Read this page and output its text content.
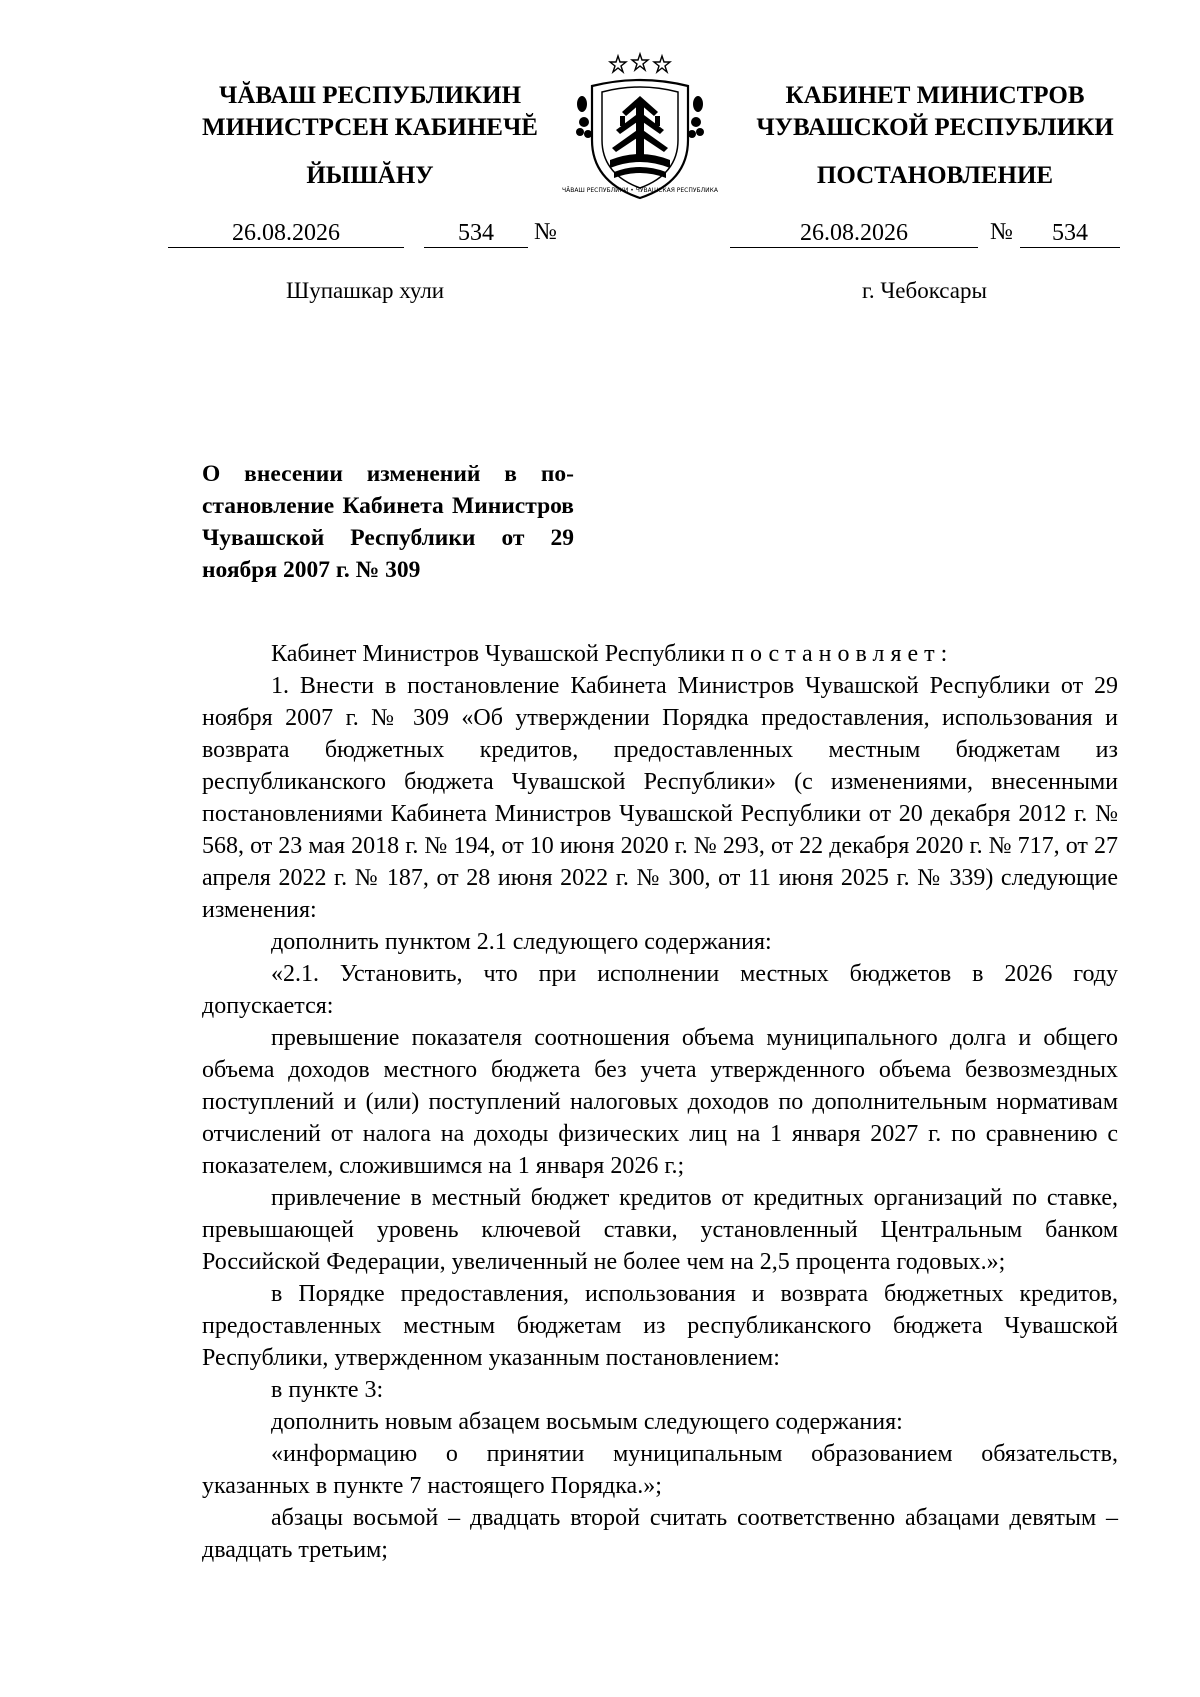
ЧĂВАШ РЕСПУБЛИКИН
МИНИСТРСЕН КАБИНЕЧĔ
ЙЫШĂНУ
КАБИНЕТ МИНИСТРОВ
ЧУВАШСКОЙ РЕСПУБЛИКИ
ПОСТАНОВЛЕНИЕ
ЧĂВАШ РЕСПУБЛИКИ • ЧУВАШСКАЯ РЕСПУБЛИКА
26.08.2026	534	№	26.08.2026	№	534
Шупашкар хули	г. Чебоксары
О внесении изменений в постановление Кабинета Министров Чувашской Республики от 29 ноября 2007 г. № 309

Кабинет Министров Чувашской Республики постановляет:

1. Внести в постановление Кабинета Министров Чувашской Республики от 29 ноября 2007 г. № 309 «Об утверждении Порядка предоставления, использования и возврата бюджетных кредитов, предоставленных местным бюджетам из республиканского бюджета Чувашской Республики» (с изменениями, внесенными постановлениями Кабинета Министров Чувашской Республики от 20 декабря 2012 г. № 568, от 23 мая 2018 г. № 194, от 10 июня 2020 г. № 293, от 22 декабря 2020 г. № 717, от 27 апреля 2022 г. № 187, от 28 июня 2022 г. № 300, от 11 июня 2025 г. № 339) следующие изменения:

дополнить пунктом 2.1 следующего содержания:

«2.1. Установить, что при исполнении местных бюджетов в 2026 году допускается:

превышение показателя соотношения объема муниципального долга и общего объема доходов местного бюджета без учета утвержденного объема безвозмездных поступлений и (или) поступлений налоговых доходов по дополнительным нормативам отчислений от налога на доходы физических лиц на 1 января 2027 г. по сравнению с показателем, сложившимся на 1 января 2026 г.;

привлечение в местный бюджет кредитов от кредитных организаций по ставке, превышающей уровень ключевой ставки, установленный Центральным банком Российской Федерации, увеличенный не более чем на 2,5 процента годовых.»;

в Порядке предоставления, использования и возврата бюджетных кредитов, предоставленных местным бюджетам из республиканского бюджета Чувашской Республики, утвержденном указанным постановлением:

в пункте 3:

дополнить новым абзацем восьмым следующего содержания:

«информацию о принятии муниципальным образованием обязательств, указанных в пункте 7 настоящего Порядка.»;

абзацы восьмой – двадцать второй считать соответственно абзацами девятым – двадцать третьим;
